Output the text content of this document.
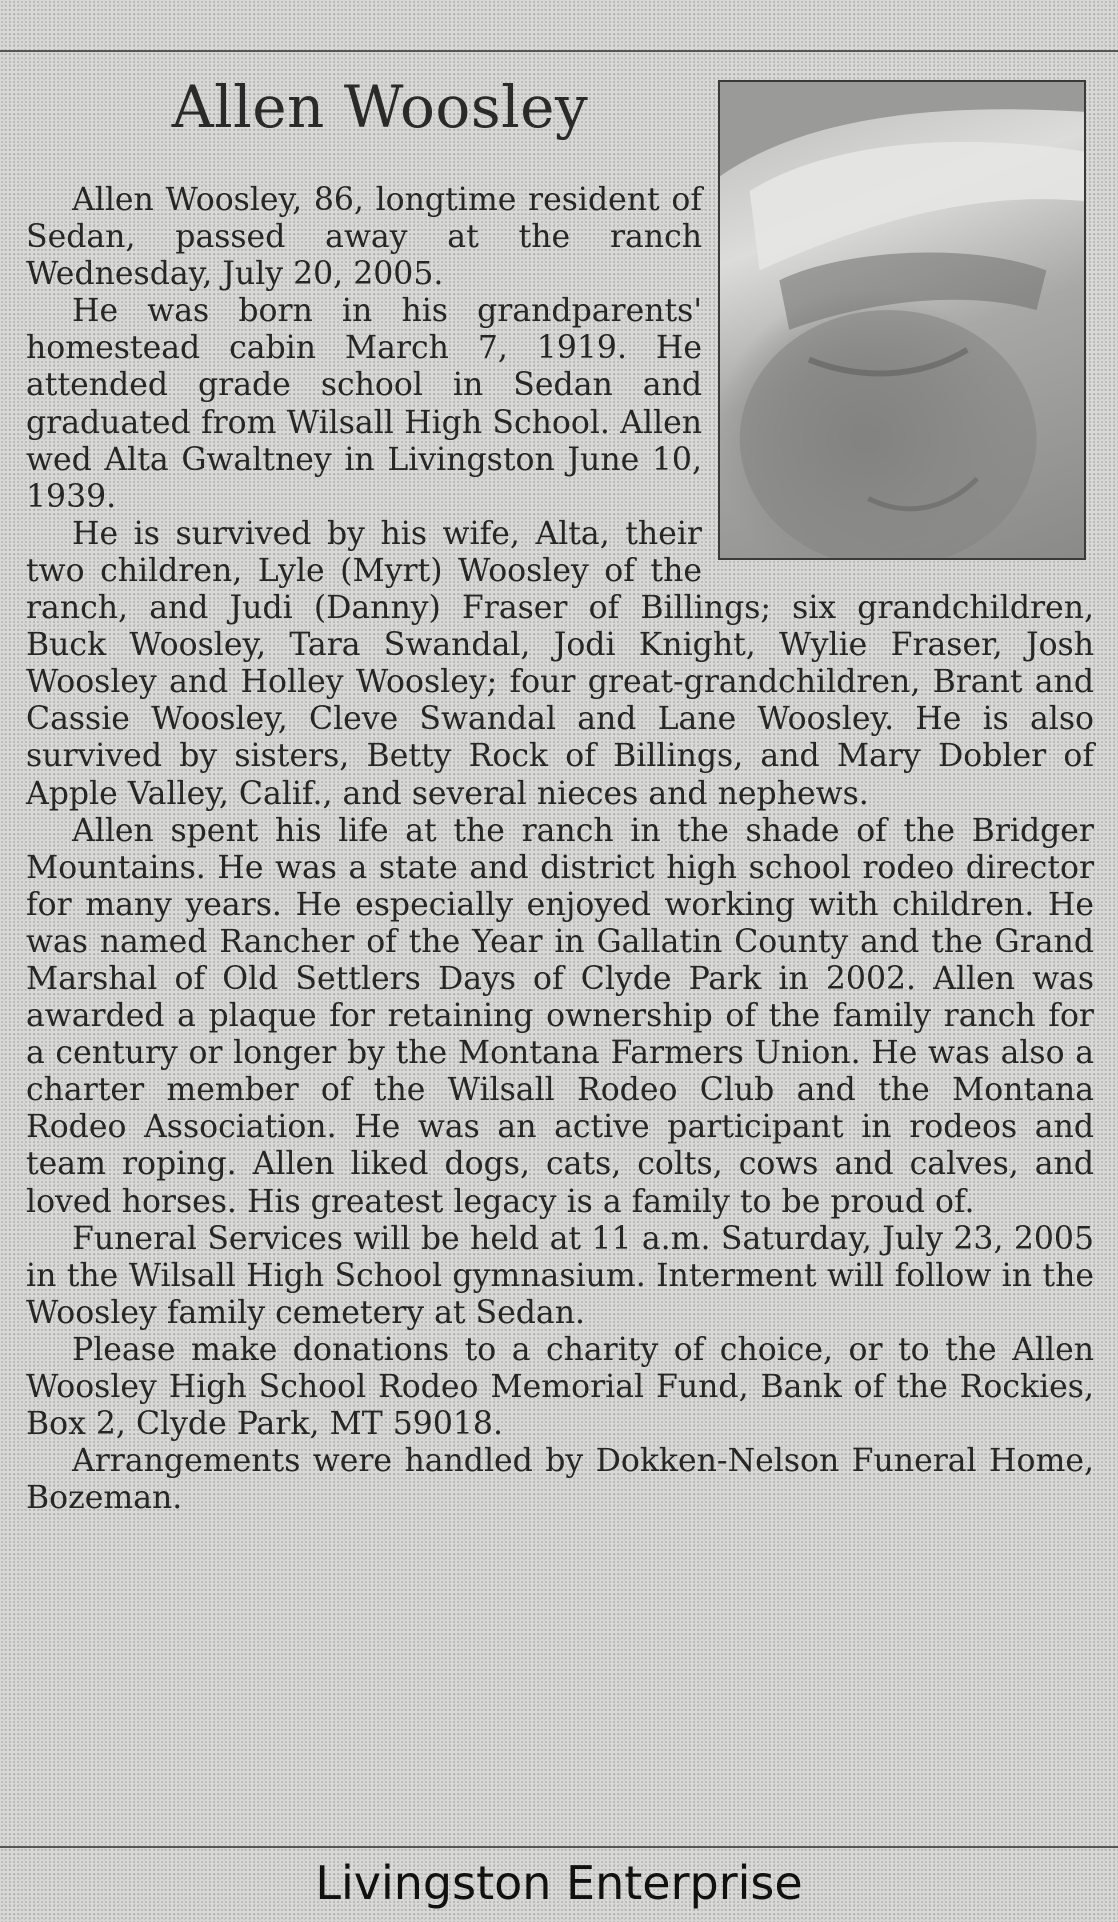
Allen Woosley

Allen Woosley, 86, longtime resident of Sedan, passed away at the ranch Wednesday, July 20, 2005.

He was born in his grandparents' homestead cabin March 7, 1919. He attended grade school in Sedan and graduated from Wilsall High School. Allen wed Alta Gwaltney in Livingston June 10, 1939.

He is survived by his wife, Alta, their two children, Lyle (Myrt) Woosley of the ranch, and Judi (Danny) Fraser of Billings; six grandchildren, Buck Woosley, Tara Swandal, Jodi Knight, Wylie Fraser, Josh Woosley and Holley Woosley; four great-grandchildren, Brant and Cassie Woosley, Cleve Swandal and Lane Woosley. He is also survived by sisters, Betty Rock of Billings, and Mary Dobler of Apple Valley, Calif., and several nieces and nephews.

Allen spent his life at the ranch in the shade of the Bridger Mountains. He was a state and district high school rodeo director for many years. He especially enjoyed working with children. He was named Rancher of the Year in Gallatin County and the Grand Marshal of Old Settlers Days of Clyde Park in 2002. Allen was awarded a plaque for retaining ownership of the family ranch for a century or longer by the Montana Farmers Union. He was also a charter member of the Wilsall Rodeo Club and the Montana Rodeo Association. He was an active participant in rodeos and team roping. Allen liked dogs, cats, colts, cows and calves, and loved horses. His greatest legacy is a family to be proud of.

Funeral Services will be held at 11 a.m. Saturday, July 23, 2005 in the Wilsall High School gymnasium. Interment will follow in the Woosley family cemetery at Sedan.

Please make donations to a charity of choice, or to the Allen Woosley High School Rodeo Memorial Fund, Bank of the Rockies, Box 2, Clyde Park, MT 59018.

Arrangements were handled by Dokken-Nelson Funeral Home, Bozeman.

Livingston Enterprise
